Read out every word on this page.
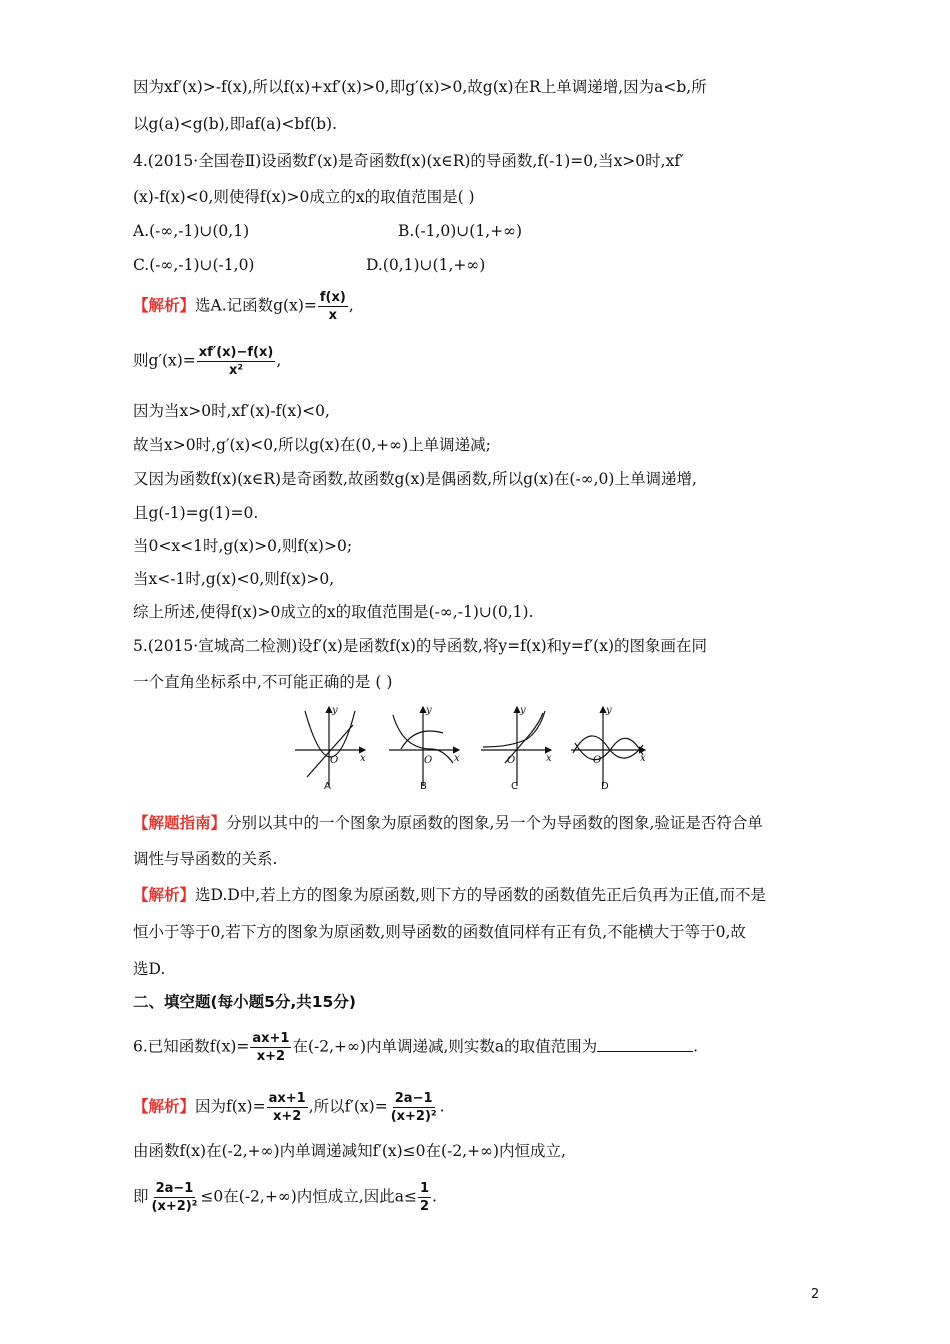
因为xf′(x)>-f(x),所以f(x)+xf′(x)>0,即g′(x)>0,故g(x)在R上单调递增,因为a<b,所
以g(a)<g(b),即af(a)<bf(b).
4.(2015·全国卷Ⅱ)设函数f′(x)是奇函数f(x)(x∈R)的导函数,f(-1)=0,当x>0时,xf′
(x)-f(x)<0,则使得f(x)>0成立的x的取值范围是( )
A.(-∞,-1)∪(0,1)	B.(-1,0)∪(1,+∞)
C.(-∞,-1)∪(-1,0)	D.(0,1)∪(1,+∞)
【解析】选A.记函数$g(x)= \frac{f(x)}{x}$ ,
则$g'(x)= \frac{xf'(x)-f(x)}{\text{x²}}$ ,
因为当x>0时,xf′(x)-f(x)<0,
故当x>0时,g′(x)<0,所以g(x)在(0,+∞)上单调递减;
又因为函数f(x)(x∈R)是奇函数,故函数g(x)是偶函数,所以g(x)在(-∞,0)上单调递增,
且g(-1)=g(1)=0.
当0<x<1时,g(x)>0,则f(x)>0;
当x<-1时,g(x)<0,则f(x)>0,
综上所述,使得f(x)>0成立的x的取值范围是(-∞,-1)∪(0,1).
5.(2015·宣城高二检测)设f′(x)是函数f(x)的导函数,将y=f(x)和y=f′(x)的图象画在同
一个直角坐标系中,不可能正确的是 ( )
y
x
O
y
x
O
y
x
O
y
x
O
A	B	C	D
【解题指南】分别以其中的一个图象为原函数的图象,另一个为导函数的图象,验证是否符合单
调性与导函数的关系.
【解析】选D.D中,若上方的图象为原函数,则下方的导函数的函数值先正后负再为正值,而不是
恒小于等于0,若下方的图象为原函数,则导函数的函数值同样有正有负,不能横大于等于0,故
选D.
二、填空题(每小题5分,共15分)
6.已知函数$f(x)= \frac{ax+1}{x+2}$ 在(-2,+∞)内单调递减,则实数a的取值范围为	.
【解析】因为$f(x)= \frac{ax+1}{x+2}$ ,所以$f'(x)= \frac{2a-1}{\text{(x+2)²}}$ .
由函数f(x)在(-2,+∞)内单调递减知f′(x)≤0在(-2,+∞)内恒成立,
即 $\frac{2a-1}{\text{(x+2)²}} \le 0$在(-2,+∞)内恒成立,因此$a\le \frac{1}{2}$ .
2
